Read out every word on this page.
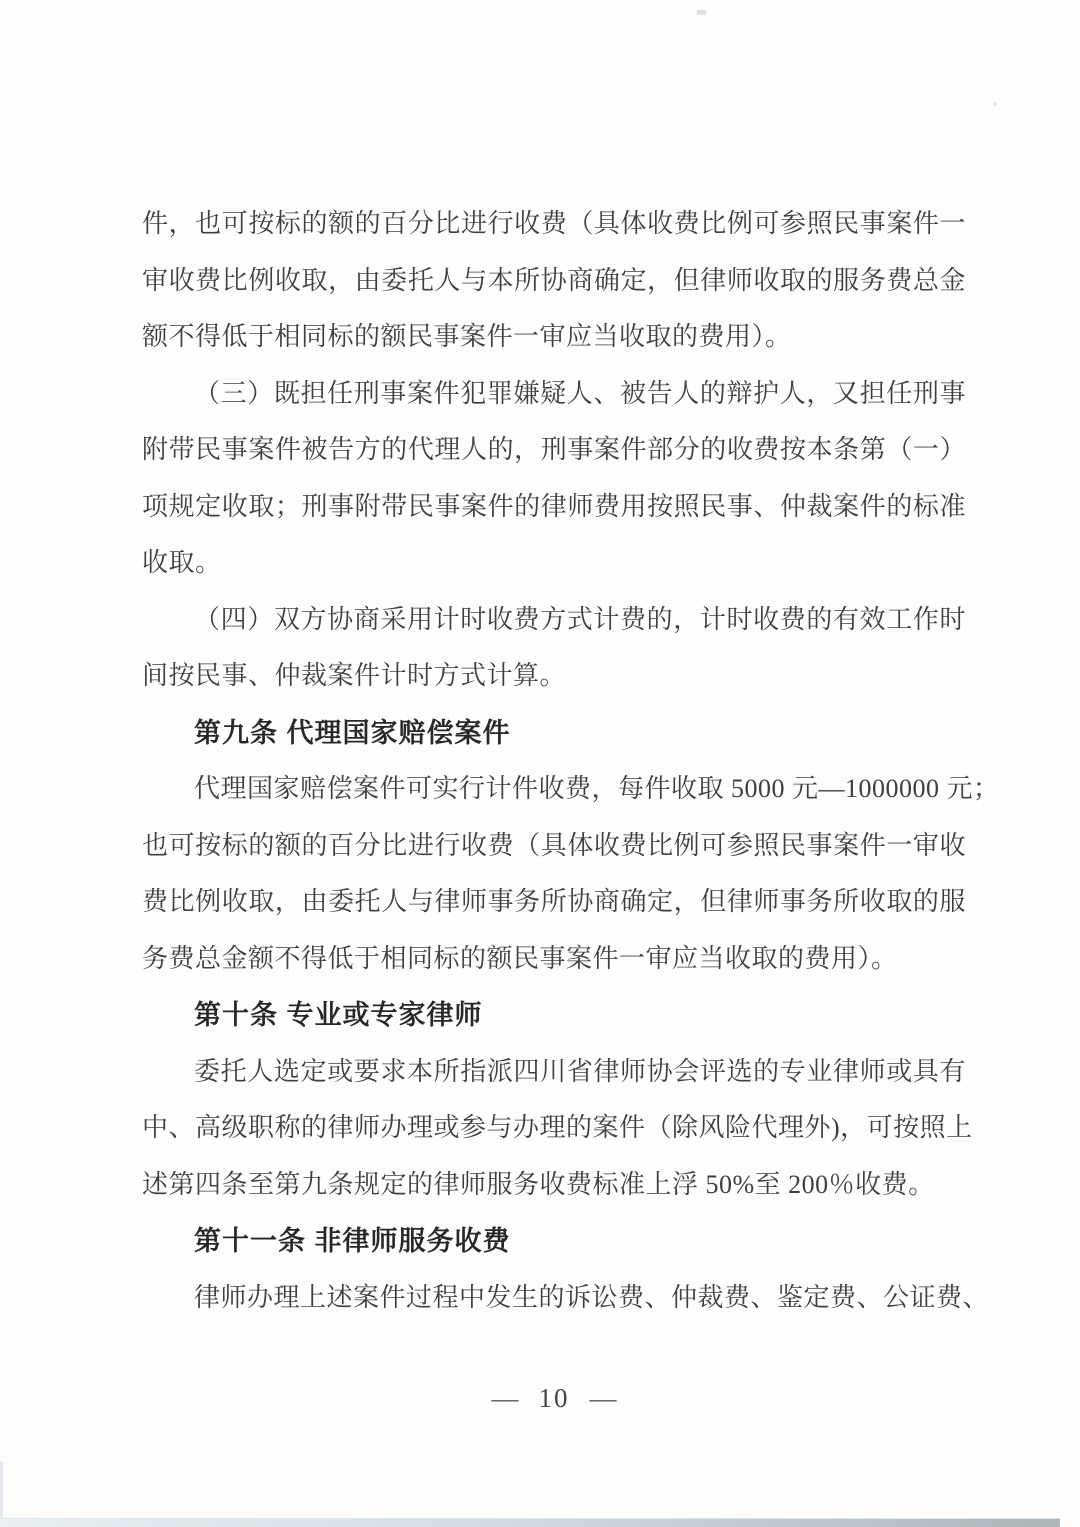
件，也可按标的额的百分比进行收费（具体收费比例可参照民事案件一
审收费比例收取，由委托人与本所协商确定，但律师收取的服务费总金
额不得低于相同标的额民事案件一审应当收取的费用）。
（三）既担任刑事案件犯罪嫌疑人、被告人的辩护人，又担任刑事
附带民事案件被告方的代理人的，刑事案件部分的收费按本条第（一）
项规定收取；刑事附带民事案件的律师费用按照民事、仲裁案件的标准
收取。
（四）双方协商采用计时收费方式计费的，计时收费的有效工作时
间按民事、仲裁案件计时方式计算。
第九条 代理国家赔偿案件
代理国家赔偿案件可实行计件收费，每件收取 5000 元—1000000 元；
也可按标的额的百分比进行收费（具体收费比例可参照民事案件一审收
费比例收取，由委托人与律师事务所协商确定，但律师事务所收取的服
务费总金额不得低于相同标的额民事案件一审应当收取的费用）。
第十条 专业或专家律师
委托人选定或要求本所指派四川省律师协会评选的专业律师或具有
中、高级职称的律师办理或参与办理的案件（除风险代理外)，可按照上
述第四条至第九条规定的律师服务收费标准上浮 50%至 200％收费。
第十一条 非律师服务收费
律师办理上述案件过程中发生的诉讼费、仲裁费、鉴定费、公证费、
— 10 —
